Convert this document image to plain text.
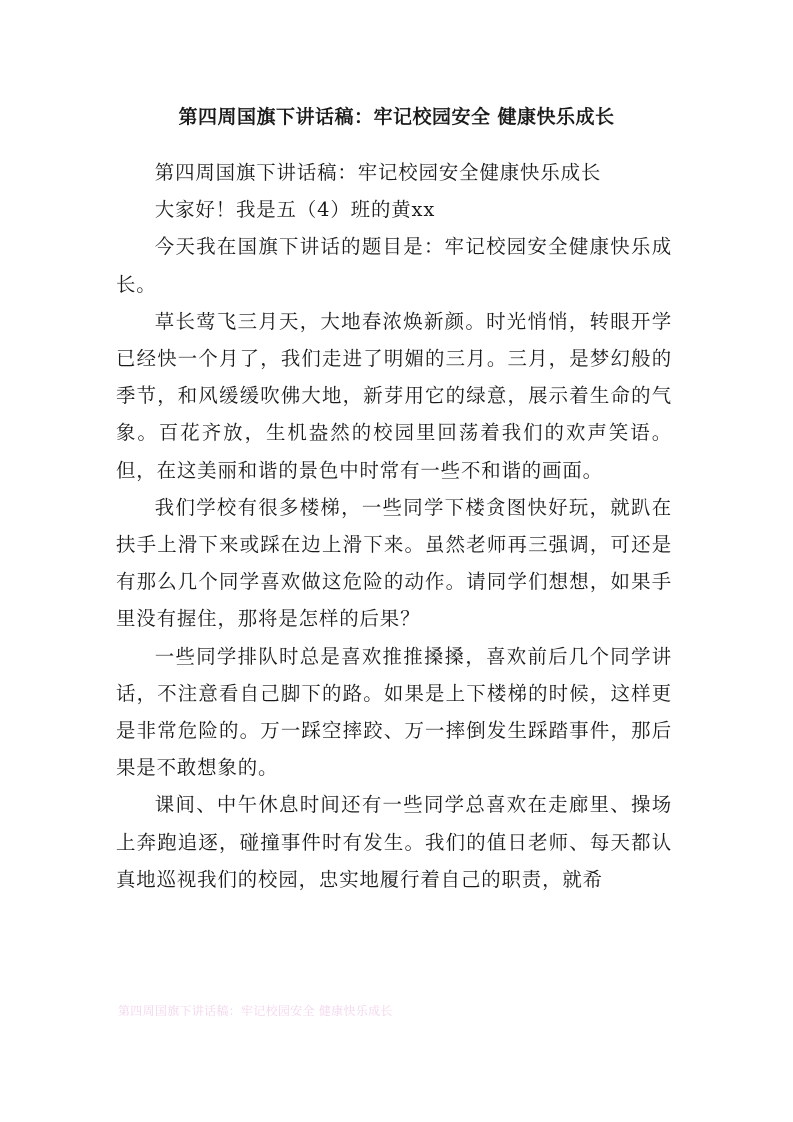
第四周国旗下讲话稿：牢记校园安全 健康快乐成长

第四周国旗下讲话稿：牢记校园安全健康快乐成长

大家好！我是五（4）班的黄xx

今天我在国旗下讲话的题目是：牢记校园安全健康快乐成长。

草长莺飞三月天，大地春浓焕新颜。时光悄悄，转眼开学已经快一个月了，我们走进了明媚的三月。三月，是梦幻般的季节，和风缓缓吹佛大地，新芽用它的绿意，展示着生命的气象。百花齐放，生机盎然的校园里回荡着我们的欢声笑语。但，在这美丽和谐的景色中时常有一些不和谐的画面。

我们学校有很多楼梯，一些同学下楼贪图快好玩，就趴在扶手上滑下来或踩在边上滑下来。虽然老师再三强调，可还是有那么几个同学喜欢做这危险的动作。请同学们想想，如果手里没有握住，那将是怎样的后果？

一些同学排队时总是喜欢推推搡搡，喜欢前后几个同学讲话，不注意看自己脚下的路。如果是上下楼梯的时候，这样更是非常危险的。万一踩空摔跤、万一摔倒发生踩踏事件，那后果是不敢想象的。

课间、中午休息时间还有一些同学总喜欢在走廊里、操场上奔跑追逐，碰撞事件时有发生。我们的值日老师、每天都认真地巡视我们的校园，忠实地履行着自己的职责，就希

第四周国旗下讲话稿：牢记校园安全 健康快乐成长
